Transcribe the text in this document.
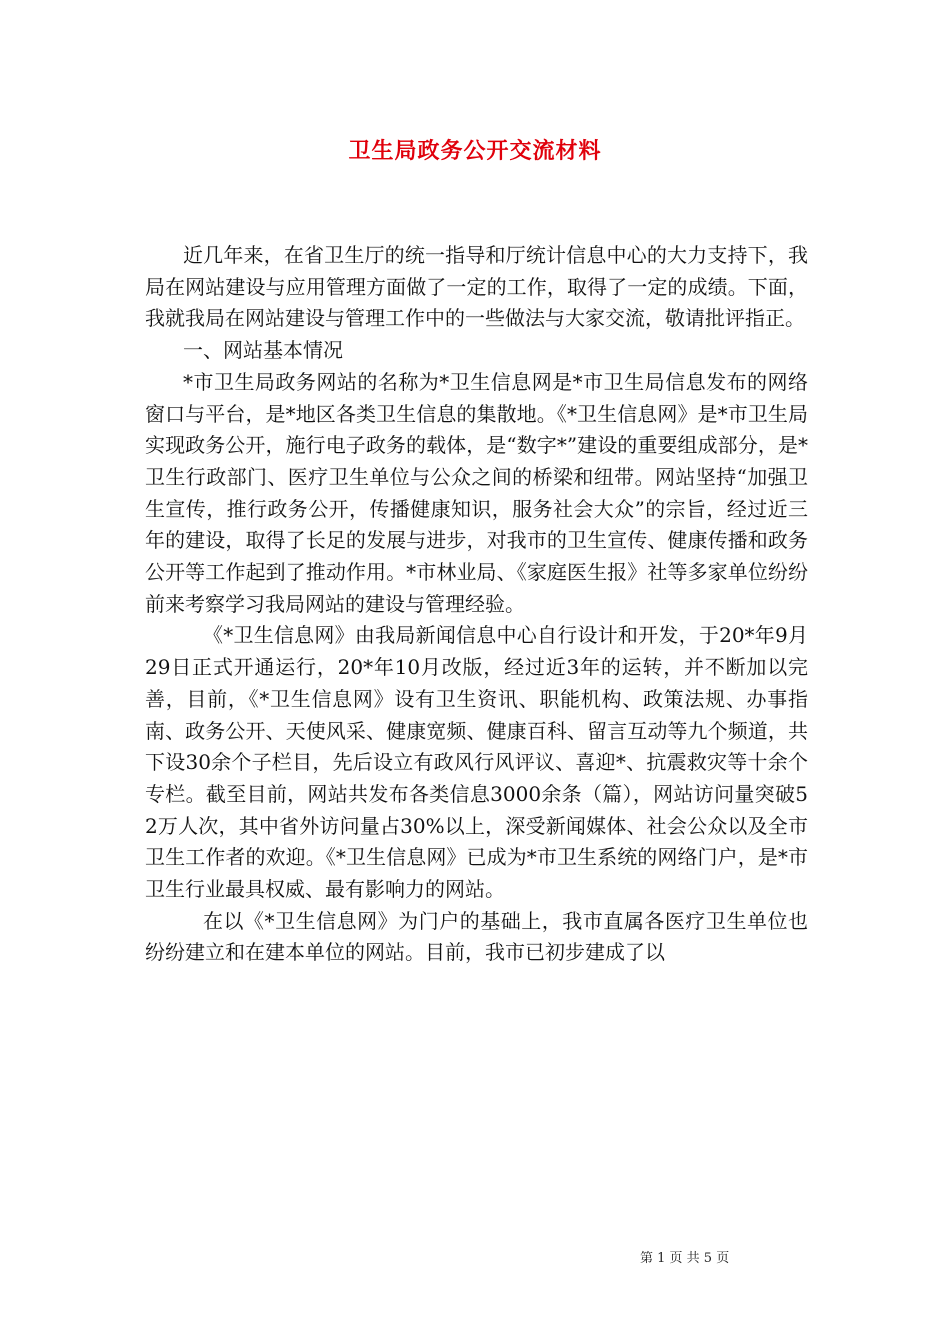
卫生局政务公开交流材料

近几年来，在省卫生厅的统一指导和厅统计信息中心的大力支持下，我局在网站建设与应用管理方面做了一定的工作，取得了一定的成绩。下面，我就我局在网站建设与管理工作中的一些做法与大家交流，敬请批评指正。

一、网站基本情况

*市卫生局政务网站的名称为*卫生信息网是*市卫生局信息发布的网络窗口与平台，是*地区各类卫生信息的集散地。《*卫生信息网》是*市卫生局实现政务公开，施行电子政务的载体，是“数字*”建设的重要组成部分，是*卫生行政部门、医疗卫生单位与公众之间的桥梁和纽带。网站坚持“加强卫生宣传，推行政务公开，传播健康知识，服务社会大众”的宗旨，经过近三年的建设，取得了长足的发展与进步，对我市的卫生宣传、健康传播和政务公开等工作起到了推动作用。*市林业局、《家庭医生报》社等多家单位纷纷前来考察学习我局网站的建设与管理经验。

《*卫生信息网》由我局新闻信息中心自行设计和开发，于20*年9月29日正式开通运行，20*年10月改版，经过近3年的运转，并不断加以完善，目前，《*卫生信息网》设有卫生资讯、职能机构、政策法规、办事指南、政务公开、天使风采、健康宽频、健康百科、留言互动等九个频道，共下设30余个子栏目，先后设立有政风行风评议、喜迎*、抗震救灾等十余个专栏。截至目前，网站共发布各类信息3000余条（篇），网站访问量突破52万人次，其中省外访问量占30%以上，深受新闻媒体、社会公众以及全市卫生工作者的欢迎。《*卫生信息网》已成为*市卫生系统的网络门户，是*市卫生行业最具权威、最有影响力的网站。

在以《*卫生信息网》为门户的基础上，我市直属各医疗卫生单位也纷纷建立和在建本单位的网站。目前，我市已初步建成了以

第 1 页 共 5 页
